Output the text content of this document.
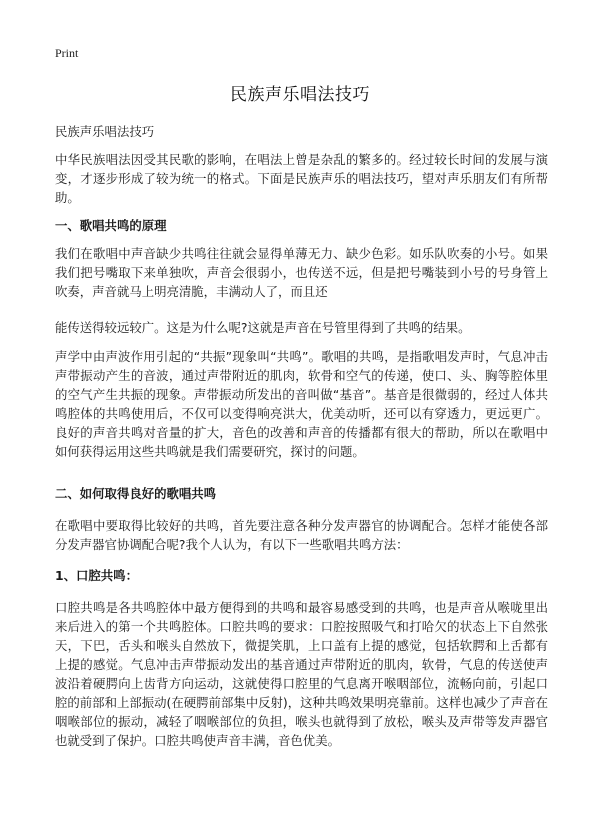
Print
民族声乐唱法技巧
民族声乐唱法技巧
中华民族唱法因受其民歌的影响，在唱法上曾是杂乱的繁多的。经过较长时间的发展与演变，才逐步形成了较为统一的格式。下面是民族声乐的唱法技巧，望对声乐朋友们有所帮助。
一、歌唱共鸣的原理
我们在歌唱中声音缺少共鸣往往就会显得单薄无力、缺少色彩。如乐队吹奏的小号。如果我们把号嘴取下来单独吹，声音会很弱小，也传送不远，但是把号嘴装到小号的号身管上吹奏，声音就马上明亮清脆，丰满动人了，而且还
能传送得较远较广。这是为什么呢?这就是声音在号管里得到了共鸣的结果。
声学中由声波作用引起的“共振”现象叫“共鸣”。歌唱的共鸣，是指歌唱发声时，气息冲击声带振动产生的音波，通过声带附近的肌肉，软骨和空气的传递，使口、头、胸等腔体里的空气产生共振的现象。声带振动所发出的音叫做“基音”。基音是很微弱的，经过人体共鸣腔体的共鸣使用后，不仅可以变得响亮洪大，优美动听，还可以有穿透力，更远更广。良好的声音共鸣对音量的扩大，音色的改善和声音的传播都有很大的帮助，所以在歌唱中如何获得运用这些共鸣就是我们需要研究，探讨的问题。
二、如何取得良好的歌唱共鸣
在歌唱中要取得比较好的共鸣，首先要注意各种分发声器官的协调配合。怎样才能使各部分发声器官协调配合呢?我个人认为，有以下一些歌唱共鸣方法：
1、口腔共鸣：
口腔共鸣是各共鸣腔体中最方便得到的共鸣和最容易感受到的共鸣，也是声音从喉咙里出来后进入的第一个共鸣腔体。口腔共鸣的要求：口腔按照吸气和打哈欠的状态上下自然张天，下巴，舌头和喉头自然放下，微提笑肌，上口盖有上提的感觉，包括软腭和上舌都有上提的感觉。气息冲击声带振动发出的基音通过声带附近的肌肉，软骨，气息的传送使声波沿着硬腭向上齿背方向运动，这就使得口腔里的气息离开喉咽部位，流畅向前，引起口腔的前部和上部振动(在硬腭前部集中反射)，这种共鸣效果明亮靠前。这样也减少了声音在咽喉部位的振动，减轻了咽喉部位的负担，喉头也就得到了放松，喉头及声带等发声器官也就受到了保护。口腔共鸣使声音丰满，音色优美。
